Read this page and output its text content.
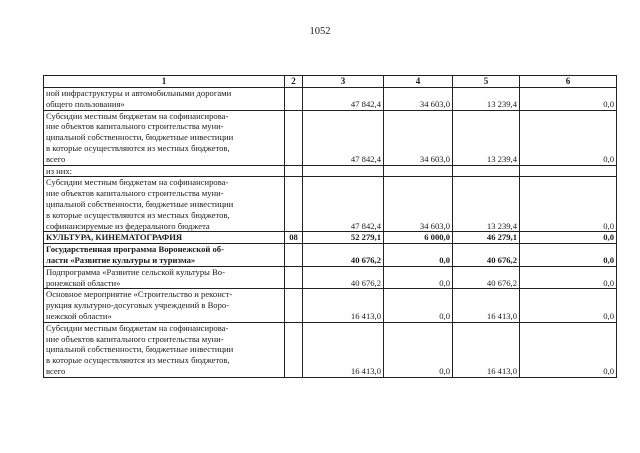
1052
1	2	3	4	5	6

ной инфраструктуры и автомобильными дорогами
общего пользования»		47 842,4	34 603,0	13 239,4	0,0

Субсидии местным бюджетам на софинансирова-
ние объектов капитального строительства муни-
ципальной собственности, бюджетные инвестиции
в которые осуществляются из местных бюджетов,
всего		47 842,4	34 603,0	13 239,4	0,0

из них:					

Субсидии местным бюджетам на софинансирова-
ние объектов капитального строительства муни-
ципальной собственности, бюджетные инвестиции
в которые осуществляются из местных бюджетов,
софинансируемые из федерального бюджета		47 842,4	34 603,0	13 239,4	0,0

КУЛЬТУРА, КИНЕМАТОГРАФИЯ	08	52 279,1	6 000,0	46 279,1	0,0

Государственная программа Воронежской об-
ласти «Развитие культуры и туризма»		40 676,2	0,0	40 676,2	0,0

Подпрограмма «Развитие сельской культуры Во-
ронежской области»		40 676,2	0,0	40 676,2	0,0

Основное мероприятие «Строительство и реконст-
рукция культурно-досуговых учреждений в Воро-
нежской области»		16 413,0	0,0	16 413,0	0,0

Субсидии местным бюджетам на софинансирова-
ние объектов капитального строительства муни-
ципальной собственности, бюджетные инвестиции
в которые осуществляются из местных бюджетов,
всего		16 413,0	0,0	16 413,0	0,0
